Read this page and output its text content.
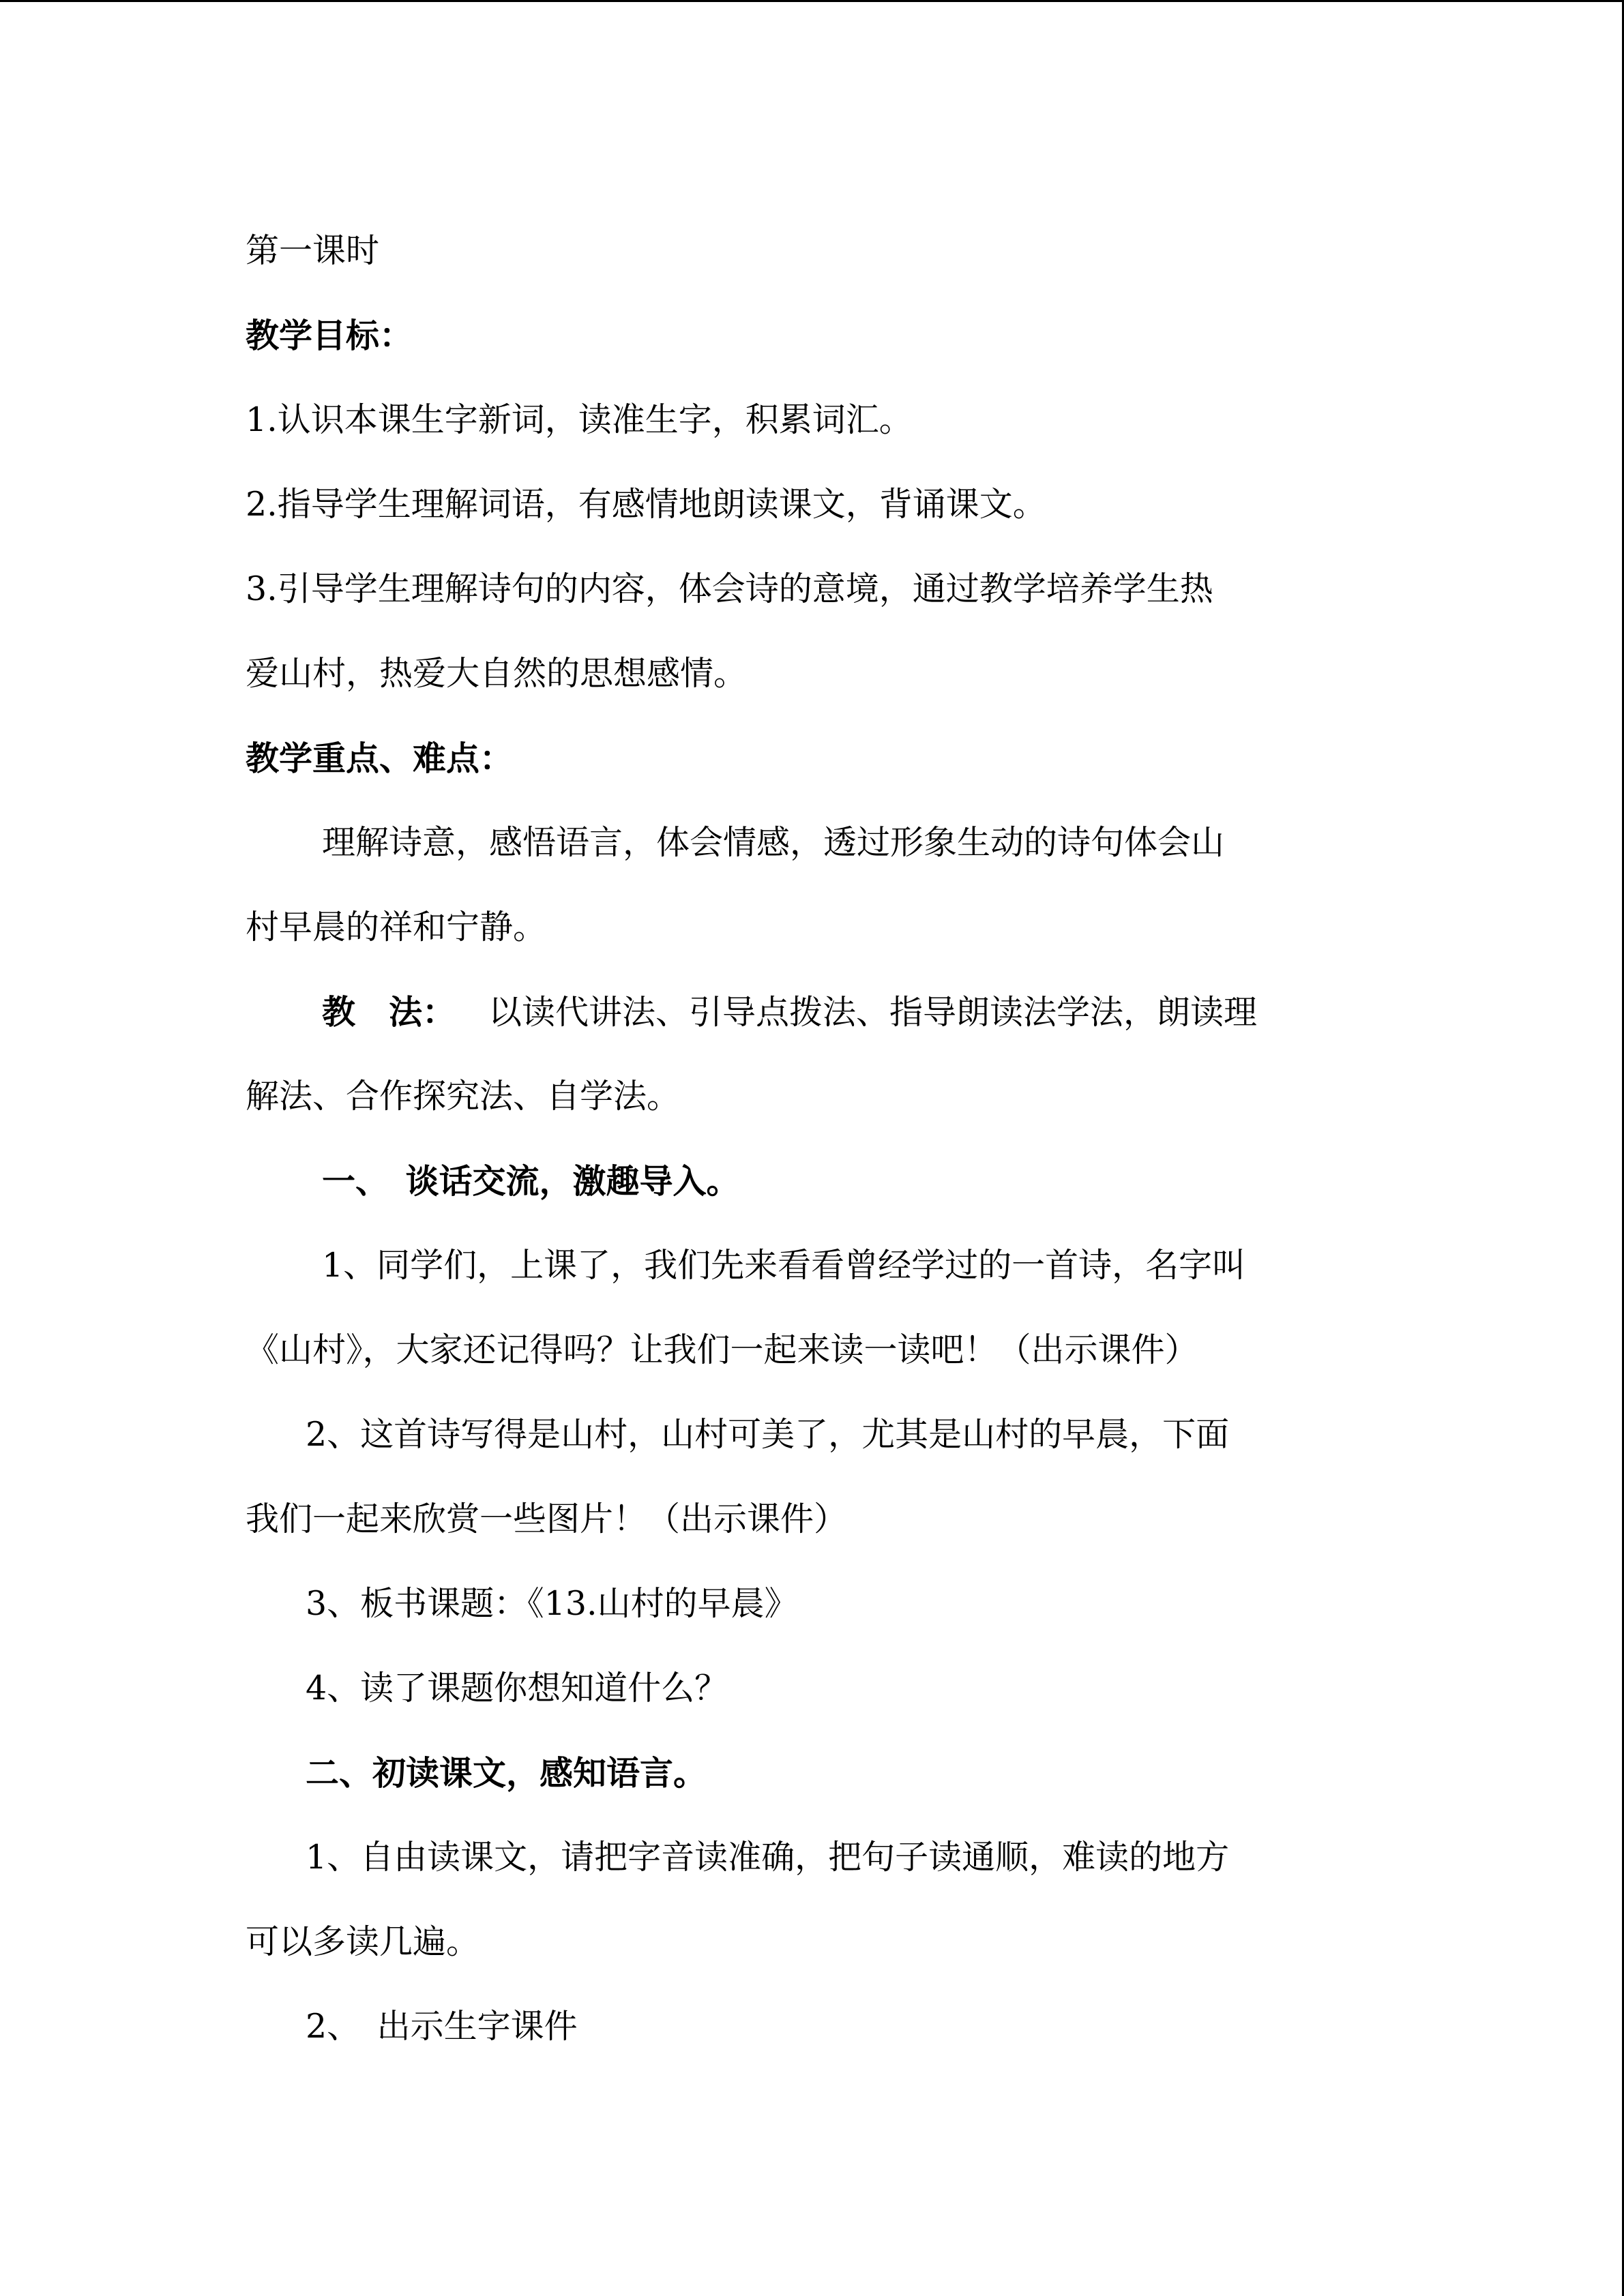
第一课时
教学目标：
1.认识本课生字新词，读准生字，积累词汇。
2.指导学生理解词语，有感情地朗读课文，背诵课文。
3.引导学生理解诗句的内容，体会诗的意境，通过教学培养学生热
爱山村，热爱大自然的思想感情。
教学重点、难点：
理解诗意，感悟语言，体会情感，透过形象生动的诗句体会山
村早晨的祥和宁静。
教　法： 以读代讲法、引导点拨法、指导朗读法学法，朗读理
解法、合作探究法、自学法。
一、　谈话交流，激趣导入。
1、同学们，上课了，我们先来看看曾经学过的一首诗，名字叫
《山村》，大家还记得吗？让我们一起来读一读吧！（出示课件）
2、这首诗写得是山村，山村可美了，尤其是山村的早晨，下面
我们一起来欣赏一些图片！（出示课件）
3、板书课题：《13.山村的早晨》
4、读了课题你想知道什么？
二、初读课文，感知语言。
1、自由读课文，请把字音读准确，把句子读通顺，难读的地方
可以多读几遍。
2、　出示生字课件
